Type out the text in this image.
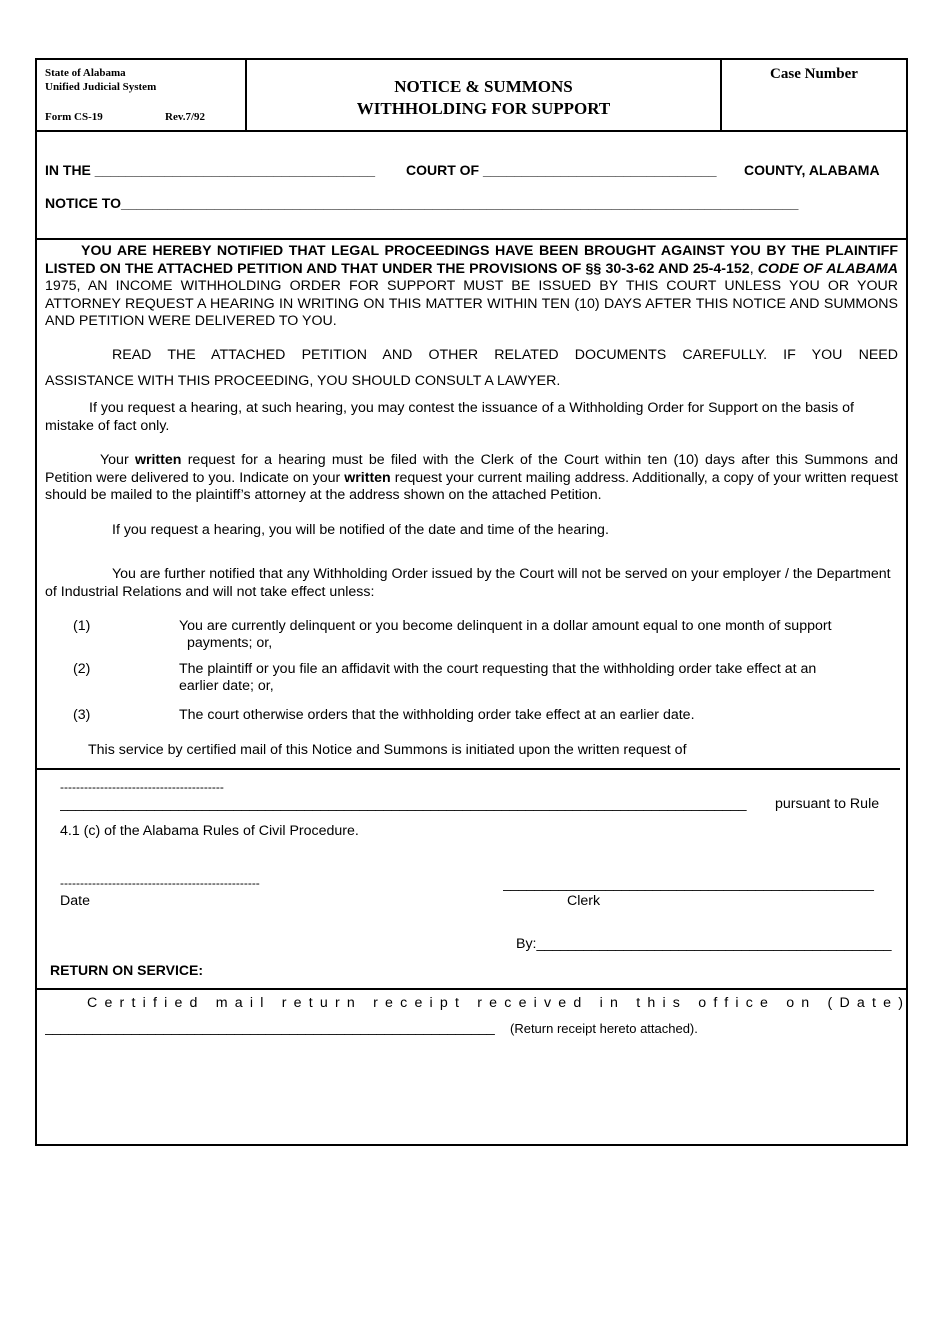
State of Alabama
Unified Judicial System
Form CS-19	Rev.7/92
NOTICE & SUMMONS
WITHHOLDING FOR SUPPORT
Case Number
IN THE ____________________________________ COURT OF ______________________________ COUNTY, ALABAMA
NOTICE TO_______________________________________________________________________________________
YOU ARE HEREBY NOTIFIED THAT LEGAL PROCEEDINGS HAVE BEEN BROUGHT AGAINST YOU BY THE PLAINTIFF LISTED ON THE ATTACHED PETITION AND THAT UNDER THE PROVISIONS OF §§ 30-3-62 AND 25-4-152, CODE OF ALABAMA 1975, AN INCOME WITHHOLDING ORDER FOR SUPPORT MUST BE ISSUED BY THIS COURT UNLESS YOU OR YOUR ATTORNEY REQUEST A HEARING IN WRITING ON THIS MATTER WITHIN TEN (10) DAYS AFTER THIS NOTICE AND SUMMONS AND PETITION WERE DELIVERED TO YOU.
READ THE ATTACHED PETITION AND OTHER RELATED DOCUMENTS CAREFULLY. IF YOU NEED
ASSISTANCE WITH THIS PROCEEDING, YOU SHOULD CONSULT A LAWYER.
If you request a hearing, at such hearing, you may contest the issuance of a Withholding Order for Support on the basis of mistake of fact only.
Your written request for a hearing must be filed with the Clerk of the Court within ten (10) days after this Summons and Petition were delivered to you. Indicate on your written request your current mailing address. Additionally, a copy of your written request should be mailed to the plaintiff’s attorney at the address shown on the attached Petition.
If you request a hearing, you will be notified of the date and time of the hearing.
You are further notified that any Withholding Order issued by the Court will not be served on your employer / the Department of Industrial Relations and will not take effect unless:
(1)	You are currently delinquent or you become delinquent in a dollar amount equal to one month of support
payments; or,
(2)	The plaintiff or you file an affidavit with the court requesting that the withholding order take effect at an
earlier date; or,
(3)	The court otherwise orders that the withholding order take effect at an earlier date.
This service by certified mail of this Notice and Summons is initiated upon the written request of
-----------------------------------------
_______________________________________________________________________________________	pursuant to Rule
4.1 (c) of the Alabama Rules of Civil Procedure.
--------------------------------------------------
Date
_______________________________________________
Clerk
By:_____________________________________________
RETURN ON SERVICE:
Certified mail return receipt received in this office on (Date)
_________________________________________________________	(Return receipt hereto attached).
